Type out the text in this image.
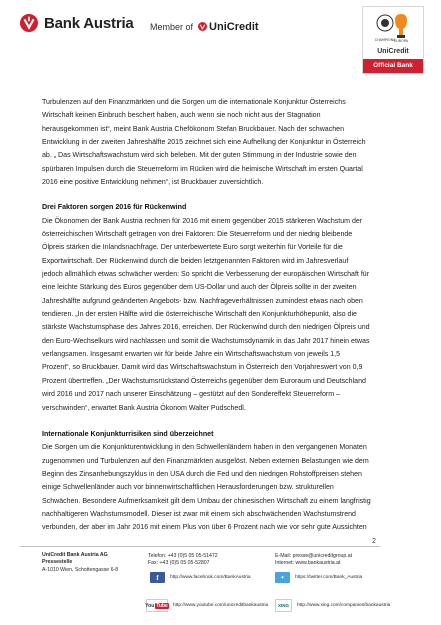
Bank Austria Member of UniCredit
CHAMPIONS
EUROPA
UniCredit
Official Bank

Turbulenzen auf den Finanzmärkten und die Sorgen um die internationale Konjunktur Österreichs

Wirtschaft keinen Einbruch beschert haben, auch wenn sie noch nicht aus der Stagnation

herausgekommen ist“, meint Bank Austria Chefökonom Stefan Bruckbauer. Nach der schwachen

Entwicklung in der zweiten Jahreshälfte 2015 zeichnet sich eine Aufhellung der Konjunktur in Österreich

ab. „ Das Wirtschaftswachstum wird sich beleben. Mit der guten Stimmung in der Industrie sowie den

spürbaren Impulsen durch die Steuerreform im Rücken wird die heimische Wirtschaft im ersten Quartal

2016 eine positive Entwicklung nehmen“, ist Bruckbauer zuversichtlich.

Drei Faktoren sorgen 2016 für Rückenwind

Die Ökonomen der Bank Austria rechnen für 2016 mit einem gegenüber 2015 stärkeren Wachstum der

österreichischen Wirtschaft getragen von drei Faktoren: Die Steuerreform und der niedrig bleibende

Ölpreis stärken die Inlandsnachfrage. Der unterbewertete Euro sorgt weiterhin für Vorteile für die

Exportwirtschaft. Der Rückenwind durch die beiden letztgenannten Faktoren wird im Jahresverlauf

jedoch allmählich etwas schwächer werden: So spricht die Verbesserung der europäischen Wirtschaft für

eine leichte Stärkung des Euros gegenüber dem US-Dollar und auch der Ölpreis sollte in der zweiten

Jahreshälfte aufgrund geänderten Angebots- bzw. Nachfrageverhältnissen zumindest etwas nach oben

tendieren. „In der ersten Hälfte wird die österreichische Wirtschaft den Konjunkturhöhepunkt, also die

stärkste Wachstumsphase des Jahres 2016, erreichen. Der Rückenwind durch den niedrigen Ölpreis und

den Euro-Wechselkurs wird nachlassen und somit die Wachstumsdynamik in das Jahr 2017 hinein etwas

verlangsamen. Insgesamt erwarten wir für beide Jahre ein Wirtschaftswachstum von jeweils 1,5

Prozent“, so Bruckbauer. Damit wird das Wirtschaftswachstum in Österreich den Vorjahreswert von 0,9

Prozent übertreffen. „Der Wachstumsrückstand Österreichs gegenüber dem Euroraum und Deutschland

wird 2016 und 2017 nach unserer Einschätzung – gestützt auf den Sondereffekt Steuerreform –

verschwinden“, erwartet Bank Austria Ökonom Walter Pudschedl.

Internationale Konjunkturrisiken sind überzeichnet

Die Sorgen um die Konjunkturentwicklung in den Schwellenländern haben in den vergangenen Monaten

zugenommen und Turbulenzen auf den Finanzmärkten ausgelöst. Neben externen Belastungen wie dem

Beginn des Zinsanhebungszyklus in den USA durch die Fed und den niedrigen Rohstoffpreisen stehen

einige Schwellenländer auch vor binnenwirtschaftlichen Herausforderungen bzw. strukturellen

Schwächen. Besondere Aufmerksamkeit gilt dem Umbau der chinesischen Wirtschaft zu einem langfristig

nachhaltigeren Wachstumsmodell. Dieser ist zwar mit einem sich abschwächenden Wachstumstrend

verbunden, der aber im Jahr 2016 mit einem Plus von über 6 Prozent nach wie vor sehr gute Aussichten

2
UniCredit Bank Austria AG
Pressestelle
A-1010 Wien, Schottengasse 6-8
Telefon: +43 (0)5 05 05-51472
Fax: +43 (0)5 05 05-52807
E-Mail: presse@unicreditgroup.at
Internet: www.bankaustria.at
f	http://www.facebook.com/BankAustria
You Tube http://www.youtube.com/unicreditbankaustria
✦	https://twitter.com/Bank_Austria
XING	http://www.xing.com/companies/bankaustria
